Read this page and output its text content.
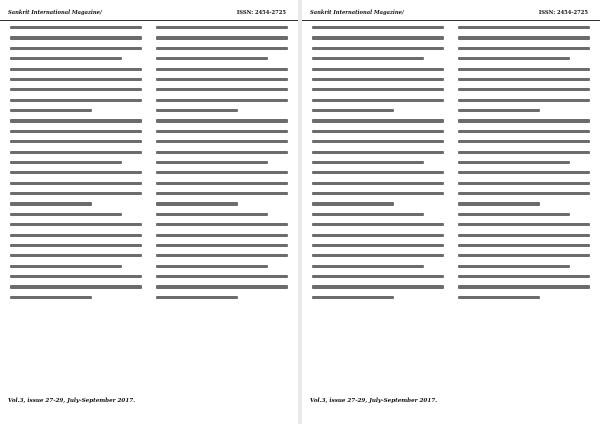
Sankrit International Magazine/	ISSN: 2454-2725
Vol.3, issue 27-29, July-September 2017.
Sankrit International Magazine/	ISSN: 2454-2725
Vol.3, issue 27-29, July-September 2017.
